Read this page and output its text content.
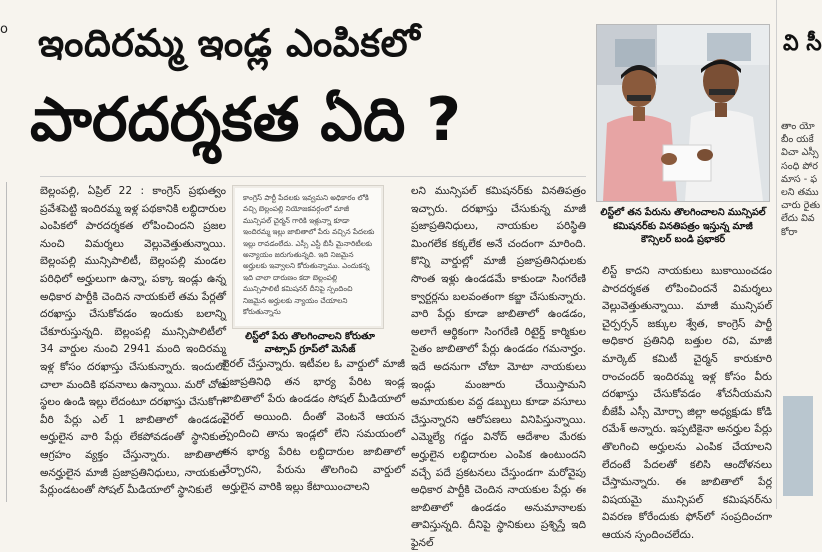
o ఇందిరమ్మ ఇండ్ల ఎంపికలో
పారదర్శకత ఏది ?
బెల్లంపల్లి, ఏప్రిల్ 22 : కాంగ్రెస్ ప్రభుత్వం ప్రవేశపెట్టి ఇందిరమ్మ ఇళ్ల పథకానికి లబ్ధిదారుల ఎంపికలో పారదర్శకత లోపించిందని ప్రజల నుంచి విమర్శలు వెల్లువెత్తుతున్నాయి. బెల్లంపల్లి మున్సిపాలిటీ, బెల్లంపల్లి మండల పరిధిలో అర్హులుగా ఉన్నా, పక్కా ఇండ్లు ఉన్న అధికార పార్టీకి చెందిన నాయకులే తమ పేర్లతో దరఖాస్తు చేసుకోవడం ఇందుకు బలాన్ని చేకూరుస్తున్నది. బెల్లంపల్లి మున్సిపాలిటీలో 34 వార్డుల నుంచి 2941 మంది ఇందిరమ్మ ఇళ్ల కోసం దరఖాస్తు చేసుకున్నారు. ఇందులో చాలా మందికి భవనాలు ఉన్నాయి. మరో చోట స్థలం ఉండి ఇల్లు లేదంటూ దరఖాస్తు చేసుకోగా వీరి పేర్లు ఎల్ 1 జాబితాలో ఉండడం, అర్హులైన వారి పేర్లు లేకపోవడంతో స్థానికుల ఆగ్రహం వ్యక్తం చేస్తున్నారు. జాబితాలో అనర్హులైన మాజీ ప్రజాప్రతినిధులు, నాయకుల పేర్లుండటంతో సోషల్ మీడియాలో స్థానికులే
కాంగ్రెస్ పార్టీ పేదలకు ఇవ్వమని అధికారం లోకి వచ్చి బెల్లంపల్లి నియోజకవర్గంలో మాజీ మున్సిపల్ చైర్మన్ గారికి ఇళ్లున్నా కూడా ఇందిరమ్మ ఇల్లు జాబితాలో పేరు వచ్చిన పేదలకు ఇల్లు రావడంలేదు. ఎస్సీ ఎస్టీ బీసీ మైనారిటీలకు అన్యాయం జరుగుతున్నది. ఇది నిజమైన అర్హులకు ఇవ్వాలని కోరుతున్నాము. ఎందుకన్న ఇది చాలా దారుణం కదా బెల్లంపల్లి మున్సిపాలిటీ కమిషనర్ దీనిపై స్పందించి నిజమైన అర్హులకు న్యాయం చేయాలని కోరుతున్నాను
లిస్ట్‌లో పేరు తొలగించాలని కోరుతూ వాట్సాప్ గ్రూప్‌లో మెసేజ్
వైరల్ చేస్తున్నారు. ఇటీవల ఓ వార్డులో మాజీ ప్రజాప్రతినిధి తన భార్య పేరిట ఇండ్ల జాబితాలో పేరు ఉండడం సోషల్ మీడియాలో వైరల్ అయింది. దీంతో వెంటనే ఆయన స్పందించి తాను ఇండ్లలో లేని సమయంలో తన భార్య పేరిట లబ్ధిదారుల జాబితాలో చేర్చారని, పేరును తొలగించి వార్డులో అర్హులైన వారికి ఇల్లు కేటాయించాలని
లని మున్సిపల్ కమిషనర్‌కు వినతిపత్రం ఇచ్చారు. దరఖాస్తు చేసుకున్న మాజీ ప్రజాప్రతినిధులు, నాయకుల పరిస్థితి మింగలేక కక్కలేక అనే చందంగా మారింది. కొన్ని వార్డుల్లో మాజీ ప్రజాప్రతినిధులకు సొంత ఇళ్లు ఉండడమే కాకుండా సింగరేణి క్వార్టర్లను బలవంతంగా కబ్జా చేసుకున్నారు. వారి పేర్లు కూడా జాబితాలో ఉండడం, అలాగే ఆర్థికంగా సింగరేణి రిటైర్డ్ కార్మికుల సైతం జాబితాలో పేర్లు ఉండడం గమనార్హం. ఇదే అదనుగా చోటా మోటా నాయకులు ఇండ్లు మంజూరు చేయిస్తామని అమాయకుల వద్ద డబ్బులు కూడా వసూలు చేస్తున్నారని ఆరోపణలు వినిపిస్తున్నాయి. ఎమ్మెల్యే గడ్డం వినోద్ ఆదేశాల మేరకు అర్హులైన లబ్ధిదారుల ఎంపిక ఉంటుందని వచ్చే పదే ప్రకటనలు చేస్తుండగా మరోవైపు అధికార పార్టీకి చెందిన నాయకుల పేర్లు ఈ జాబితాలో ఉండడం అనుమానాలకు తావిస్తున్నది. దీనిపై స్థానికులు ప్రశ్నిస్తే ఇది ఫైనల్
లిస్ట్‌లో తన పేరును తొలగించాలని మున్సిపల్ కమిషనర్‌కు వినతిపత్రం ఇస్తున్న మాజీ కౌన్సిలర్ బండి ప్రభాకర్
లిస్ట్ కాదని నాయకులు బుకాయించడం పారదర్శకత లోపించిందనే విమర్శలు వెల్లువెత్తుతున్నాయి. మాజీ మున్సిపల్ చైర్పర్సన్ జక్కుల శ్వేత, కాంగ్రెస్ పార్టీ అధికార ప్రతినిధి బత్తుల రవి, మాజీ మార్కెట్ కమిటీ చైర్మన్ కారుకూరి రాంచందర్ ఇందిరమ్మ ఇళ్ల కోసం వీరు దరఖాస్తు చేసుకోవడం శోచనీయమని బీజేపీ ఎస్సీ మోర్చా జిల్లా అధ్యక్షుడు కోడి రమేశ్ అన్నారు. ఇప్పటికైనా అనర్హుల పేర్లు తొలగించి అర్హులను ఎంపిక చేయాలని లేదంటే పేదలతో కలిసి ఆందోళనలు చేస్తామన్నారు. ఈ జాబితాలో పేర్ల విషయమై మున్సిపల్ కమిషనర్‌ను వివరణ కోరేందుకు ఫోన్‌లో సంప్రదించగా ఆయన స్పందించలేదు.
వి సీ
తాం యో బీం యకే విచా ఎస్సీ సంధి పోర మాస - ఫ లని తము చారు రైతు లేదు వివ కోరా
